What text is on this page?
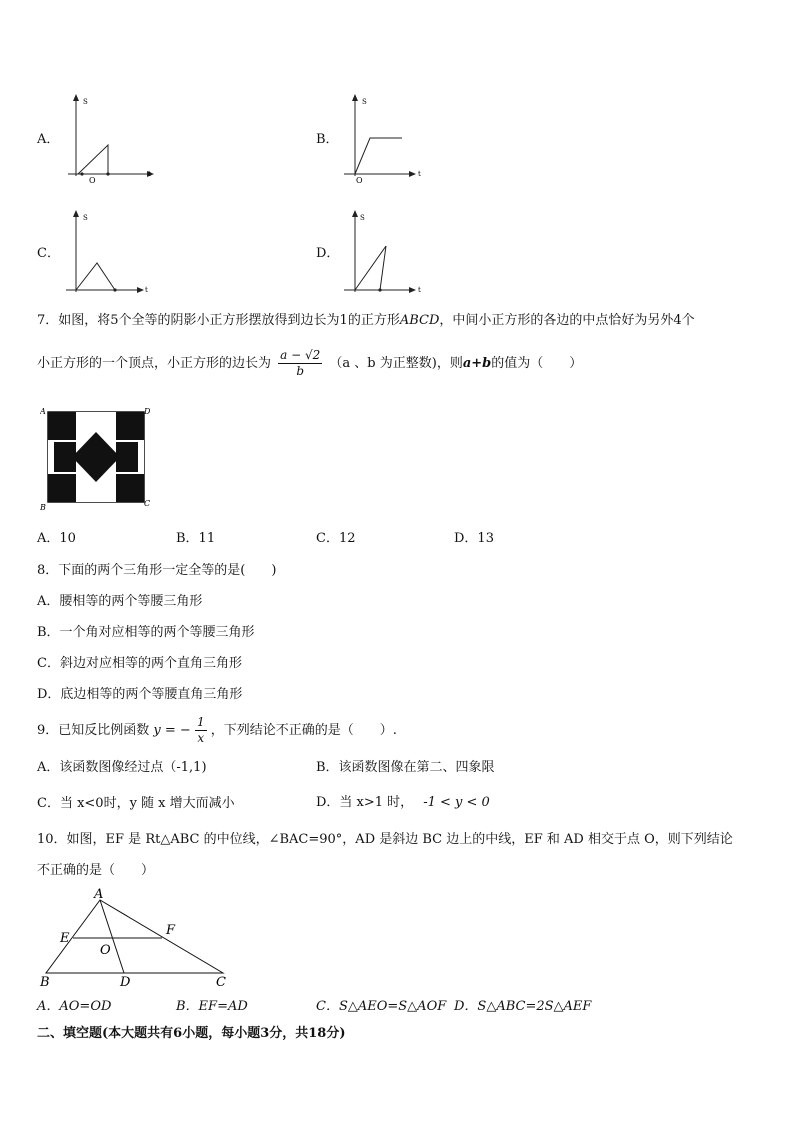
A．
S
t
O
B．
S
t
O
C．
S
t
D．
S
t
7．如图，将5个全等的阴影小正方形摆放得到边长为1的正方形ABCD，中间小正方形的各边的中点恰好为另外4个
小正方形的一个顶点，小正方形的边长为 $\frac{a - √2}{b} (a$ 、b 为正整数)，则a+b的值为（　　）
A	D
B	C
A．10	B．11	C．12	D．13
8．下面的两个三角形一定全等的是(　　)
A．腰相等的两个等腰三角形
B．一个角对应相等的两个等腰三角形
C．斜边对应相等的两个直角三角形
D．底边相等的两个等腰直角三角形
9．已知反比例函数 y = − $\frac{1}{x}$ ，下列结论不正确的是（　　）.
A．该函数图像经过点（-1,1)	B．该函数图像在第二、四象限
C．当 x<0时，y 随 x 增大而减小	D．当 x>1 时， -1 < y < 0
10．如图，EF 是 Rt△ABC 的中位线，∠BAC=90°，AD 是斜边 BC 边上的中线，EF 和 AD 相交于点 O，则下列结论
不正确的是（　　）
A
E
F
O
B	D	C
A．AO=OD	B．EF=AD	C．S△AEO=S△AOF D．S△ABC=2S△AEF
二、填空题(本大题共有6小题，每小题3分，共18分)
